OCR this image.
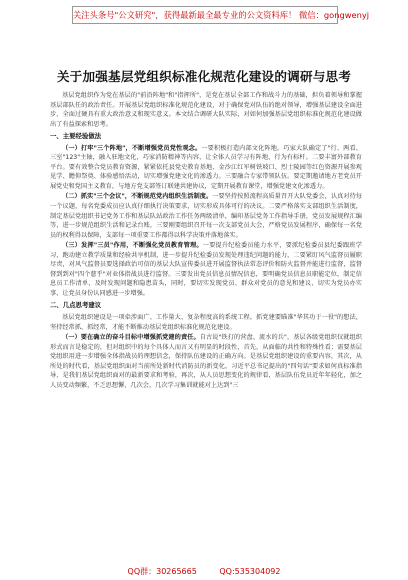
关注头条号"公文研究"，获得最新最全最专业的公文资料库！ 微信：gongwenyj
关于加强基层党组织标准化规范化建设的调研与思考

基层党组织作为党在基层的"前沿阵地"和"指挥所"，是党在基层全部工作和战斗力的基础，担负着领导和掌握基层部队任的政治责任。开展基层党组织标准化规范化建设，对于确保党对队伍的绝对领导，增强基层建设全面进步、全面过硬具有重大政治意义和现实意义。本文结合调研大队实际，对如何加强基层党组织标准化规范化建设做出了有益探索和思考。

一、主要经验做法

（一）打牢"三个阵地"，不断增强党员党性观念。一要积极打造内部文化阵地。巧家大队确定了"行、两看、三室"123"主轴，融入驻地文化，巧家消防精神等内容，让全体人员学习有阵地、行为有标杆。二要丰富外部教育平台。要有效整合党员教育资源，紧紧依托县党史教育基地、金沙江红军树铁坡口、烈士陵园等红色资源开展参观见学、瞻仰祭奠、体验感悟活动，切实增强党建文化的渗透力。三要融合专家带领队伍。要定期邀请地方老党员开展党史和党国主义教育，与地方党支部签订联建共建协议，定期开展教育课堂，增强党建文化渗透力。

（二）抓实"三个会议"，不断规范党内组织生活制度。一要坚持按照流程高质量召开大队党委会，认真对待每一个议题，每名党委成员应认真仔细执行决策要求，切实形成具体可行的决议。二要严格落实支部组织生活制度，制定基层党组织书记党务工作和基层队站政治工作任务两级清单，编印基层党务工作指导手册，党员发展规程汇编等，进一步规范组织生活和记录台账，三要刚要组织召开每一次支部党员大会，严格党员发展程序，确保每一名党员的权利得以保障，支部每一项重要工作都得以科学决策并落地落实。

（三）发挥"三员"作用，不断强化党员教育管理。一要提升纪检委员能力水平，要派纪检委员县纪委跟班学习，跑动建立教学质量和经验共享机制，进一步提升纪检委员发现处理违纪问题的能力，二要紧盯风气监督员履职尽责，对风气监督员要选择政治可信的基层大队宣传委员进开展监督执法常态评价和防火监督并能进行监督，监督督到到对"四个慈乎"对业体指战员进行监督。三要发出党员信息员情况信息，要明确党员信息员职能定位，制定信息员工作清单，及时发现问题和隐患苗头，同时，要切实发现党员、群众对党员的意见和建议，切实为党员办实事，让党员身份认同感进一步增强。

二、几点思考建议

基层党组织建设是一项牵涉面广、工作量大、复杂程度高的系统工程。抓党建要瞄准"华其功于一役"的想法，坚持经常抓、抓经常，才能不断推动基层党组织标准化规范化建设。

（一）要在确立的奋斗目标中增强抓党建的责任。自古说"铁打的营盘、流水的兵"，基层各级党组织仅就组织形式而言是稳定的，但对组织中的每个具体人而言又有明显的时段性，首先，从面临的共性和特殊性看；需要基层党组织用进一步增强全体指战员的理想信念，保持队伍建设的正确方向。是基层党组织建设的重要内容，其次，从所处的时代看，基层党组织面对当前所处新时代消防员的新变化，习近平总书记提出的"四句话"要求如何真标准指导，是我们基层党组织面对的最新要求和考验，再次，从人员思想变化的规律看，基层队伍党员近年年轻化，加之人员变动频繁，不乏思想懈，几次会，几次学习集训就能对上达到"三

QQ群：30265665	QQ:535304092
